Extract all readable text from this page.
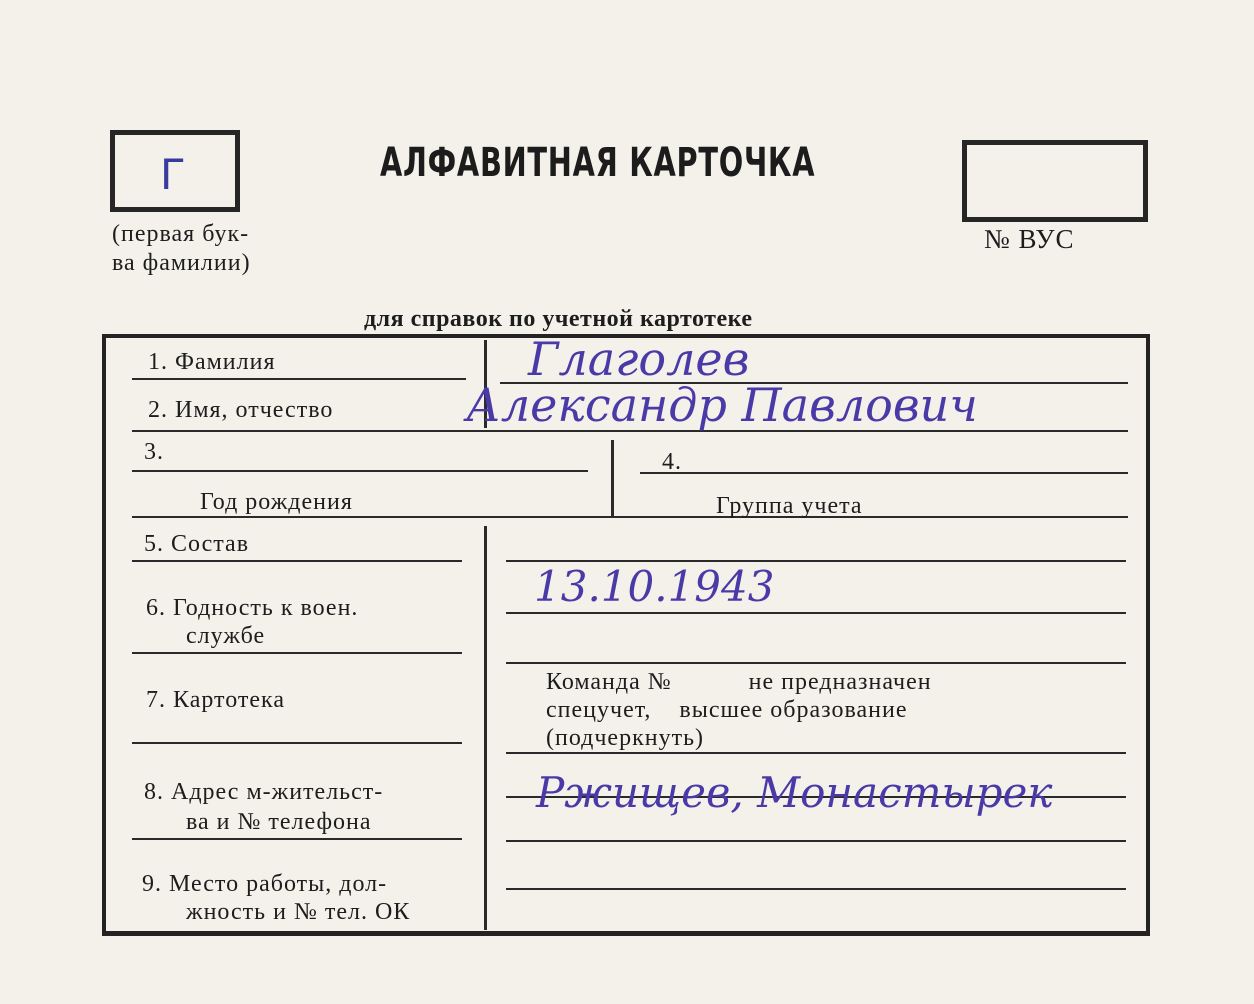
Г
(первая бук-
ва фамилии)
АЛФАВИТНАЯ КАРТОЧКА
№ ВУС
для справок по учетной картотеке
1. Фамилия	Глаголев
2. Имя, отчество	Александр Павлович
3.
Год рождения
4.
Группа учета
5. Состав
6. Годность к воен.
службе
13.10.1943
7. Картотека
Команда №           не предназначен
спецучет,    высшее образование
(подчеркнуть)
8. Адрес м-жительст-
ва и № телефона
Ржищев, Монастырек
9. Место работы, дол-
жность и № тел. ОК
